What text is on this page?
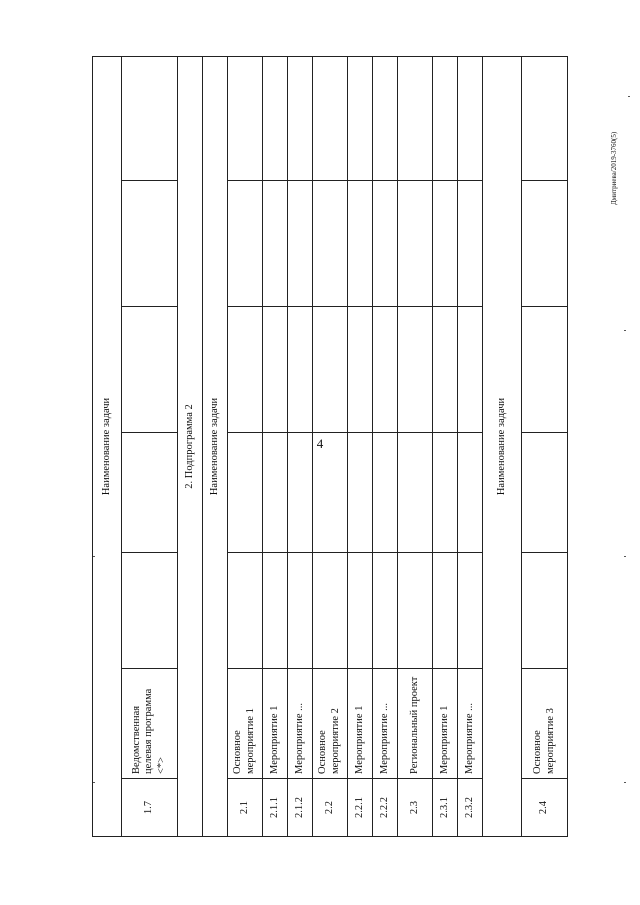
4
Дмитриева/2019-3760(5)
Наименование задачи						
1.7	Ведомственная целевая программа <*>					
2. Подпрограмма 2						
Наименование задачи						
2.1	Основное мероприятие 1					
2.1.1	Мероприятие 1					
2.1.2	Мероприятие ...					
2.2	Основное мероприятие 2					
2.2.1	Мероприятие 1					
2.2.2	Мероприятие ...					
2.3	Региональный проект					
2.3.1	Мероприятие 1					
2.3.2	Мероприятие ...					
Наименование задачи						
2.4	Основное мероприятие 3					
